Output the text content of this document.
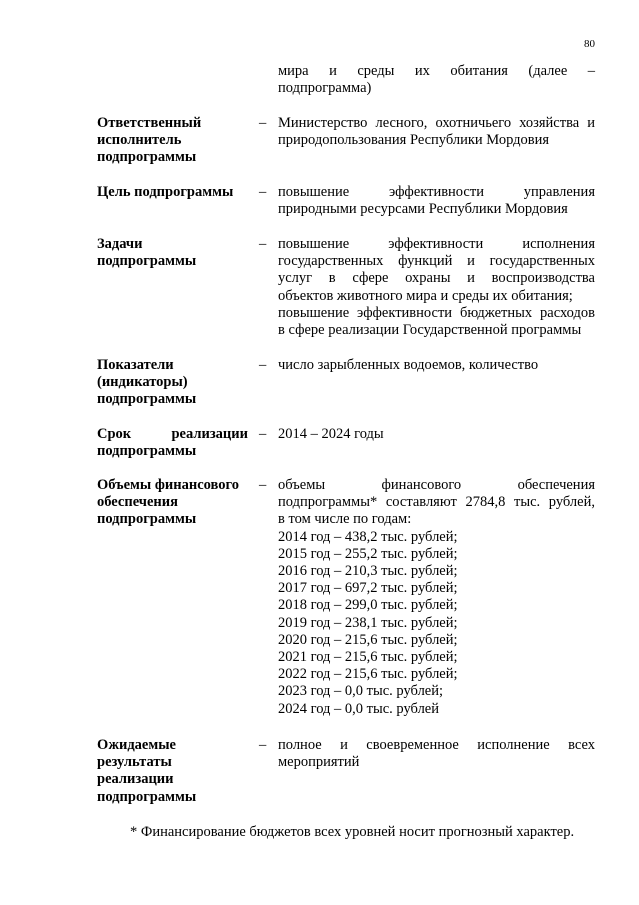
80
мира и среды их обитания (далее –
подпрограмма)
Ответственный
исполнитель
подпрограммы
– Министерство лесного, охотничьего хозяйства и
природопользования Республики Мордовия
Цель подпрограммы	– повышение эффективности управления
природными ресурсами Республики Мордовия
Задачи
подпрограммы
– повышение эффективности исполнения
государственных функций и государственных
услуг в сфере охраны и воспроизводства
объектов животного мира и среды их обитания;
повышение эффективности бюджетных расходов
в сфере реализации Государственной программы
Показатели
(индикаторы)
подпрограммы
– число зарыбленных водоемов, количество
Срок реализации
подпрограммы
– 2014 – 2024 годы
Объемы финансового
обеспечения
подпрограммы
– объемы финансового обеспечения
подпрограммы* составляют 2784,8 тыс. рублей,
в том числе по годам:
2014 год – 438,2 тыс. рублей;
2015 год – 255,2 тыс. рублей;
2016 год – 210,3 тыс. рублей;
2017 год – 697,2 тыс. рублей;
2018 год – 299,0 тыс. рублей;
2019 год – 238,1 тыс. рублей;
2020 год – 215,6 тыс. рублей;
2021 год – 215,6 тыс. рублей;
2022 год – 215,6 тыс. рублей;
2023 год – 0,0 тыс. рублей;
2024 год – 0,0 тыс. рублей
Ожидаемые
результаты
реализации
подпрограммы
– полное и своевременное исполнение всех
мероприятий
* Финансирование бюджетов всех уровней носит прогнозный характер.
